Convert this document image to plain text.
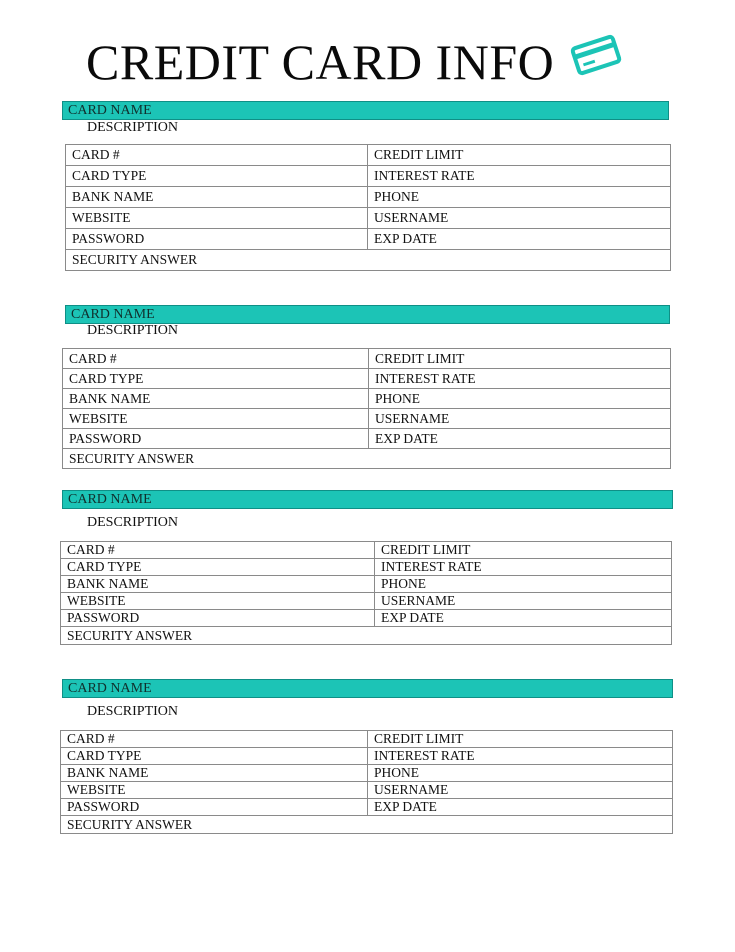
CREDIT CARD INFO
CARD NAME
DESCRIPTION
CARD #	CREDIT LIMIT
CARD TYPE	INTEREST RATE
BANK NAME	PHONE
WEBSITE	USERNAME
PASSWORD	EXP DATE
SECURITY ANSWER	
CARD NAME
DESCRIPTION
CARD #	CREDIT LIMIT
CARD TYPE	INTEREST RATE
BANK NAME	PHONE
WEBSITE	USERNAME
PASSWORD	EXP DATE
SECURITY ANSWER	
CARD NAME
DESCRIPTION
CARD #	CREDIT LIMIT
CARD TYPE	INTEREST RATE
BANK NAME	PHONE
WEBSITE	USERNAME
PASSWORD	EXP DATE
SECURITY ANSWER	
CARD NAME
DESCRIPTION
CARD #	CREDIT LIMIT
CARD TYPE	INTEREST RATE
BANK NAME	PHONE
WEBSITE	USERNAME
PASSWORD	EXP DATE
SECURITY ANSWER	
